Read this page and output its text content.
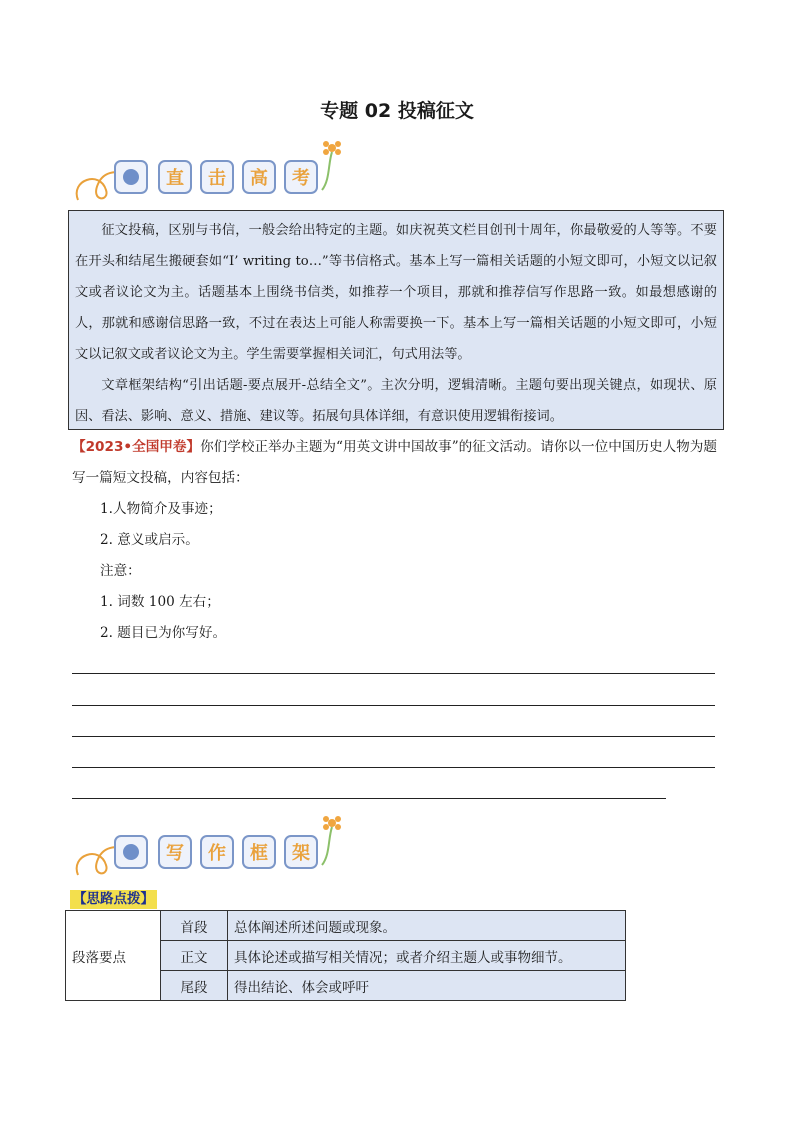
专题 02 投稿征文
直	击	高	考

征文投稿，区别与书信，一般会给出特定的主题。如庆祝英文栏目创刊十周年，你最敬爱的人等等。不要在开头和结尾生搬硬套如“I’ writing to…”等书信格式。基本上写一篇相关话题的小短文即可，小短文以记叙文或者议论文为主。话题基本上围绕书信类，如推荐一个项目，那就和推荐信写作思路一致。如最想感谢的人，那就和感谢信思路一致，不过在表达上可能人称需要换一下。基本上写一篇相关话题的小短文即可，小短文以记叙文或者议论文为主。学生需要掌握相关词汇，句式用法等。

文章框架结构“引出话题-要点展开-总结全文”。主次分明，逻辑清晰。主题句要出现关键点，如现状、原因、看法、影响、意义、措施、建议等。拓展句具体详细，有意识使用逻辑衔接词。

【2023•全国甲卷】你们学校正举办主题为“用英文讲中国故事”的征文活动。请你以一位中国历史人物为题写一篇短文投稿，内容包括：

1.人物简介及事迹；

2. 意义或启示。

注意：

1. 词数 100 左右；

2. 题目已为你写好。

写	作	框	架
【思路点拨】
段落要点	首段	总体阐述所述问题或现象。
	正文	具体论述或描写相关情况；或者介绍主题人或事物细节。
	尾段	得出结论、体会或呼吁
